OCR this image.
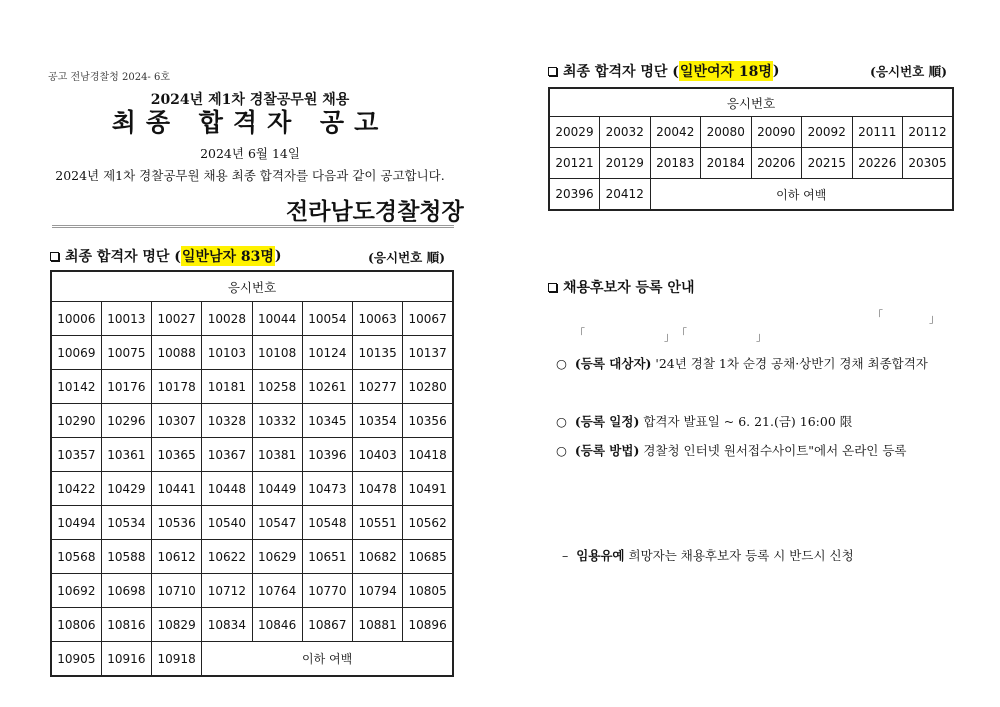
공고 전남경찰청 2024- 6호
2024년 제1차 경찰공무원 채용
최종 합격자 공고
2024년 6월 14일
2024년 제1차 경찰공무원 채용 최종 합격자를 다음과 같이 공고합니다.
전라남도경찰청장
최종 합격자 명단 ( 일반남자 83명 )	(응시번호 順)
응시번호							
10006	10013	10027	10028	10044	10054	10063	10067
10069	10075	10088	10103	10108	10124	10135	10137
10142	10176	10178	10181	10258	10261	10277	10280
10290	10296	10307	10328	10332	10345	10354	10356
10357	10361	10365	10367	10381	10396	10403	10418
10422	10429	10441	10448	10449	10473	10478	10491
10494	10534	10536	10540	10547	10548	10551	10562
10568	10588	10612	10622	10629	10651	10682	10685
10692	10698	10710	10712	10764	10770	10794	10805
10806	10816	10829	10834	10846	10867	10881	10896
10905	10916	10918	이하 여백				
최종 합격자 명단 ( 일반여자 18명 )	(응시번호 順)
응시번호							
20029	20032	20042	20080	20090	20092	20111	20112
20121	20129	20183	20184	20206	20215	20226	20305
20396	20412	이하 여백					
채용후보자 등록 안내
「	」
「	」 「	」
○ (등록 대상자) '24년 경찰 1차 순경 공채·상반기 경채 최종합격자
○ (등록 일정) 합격자 발표일 ~ 6. 21.(금) 16:00 限
○ (등록 방법) 경찰청 인터넷 원서접수사이트"에서 온라인 등록
– 임용유예 희망자는 채용후보자 등록 시 반드시 신청
